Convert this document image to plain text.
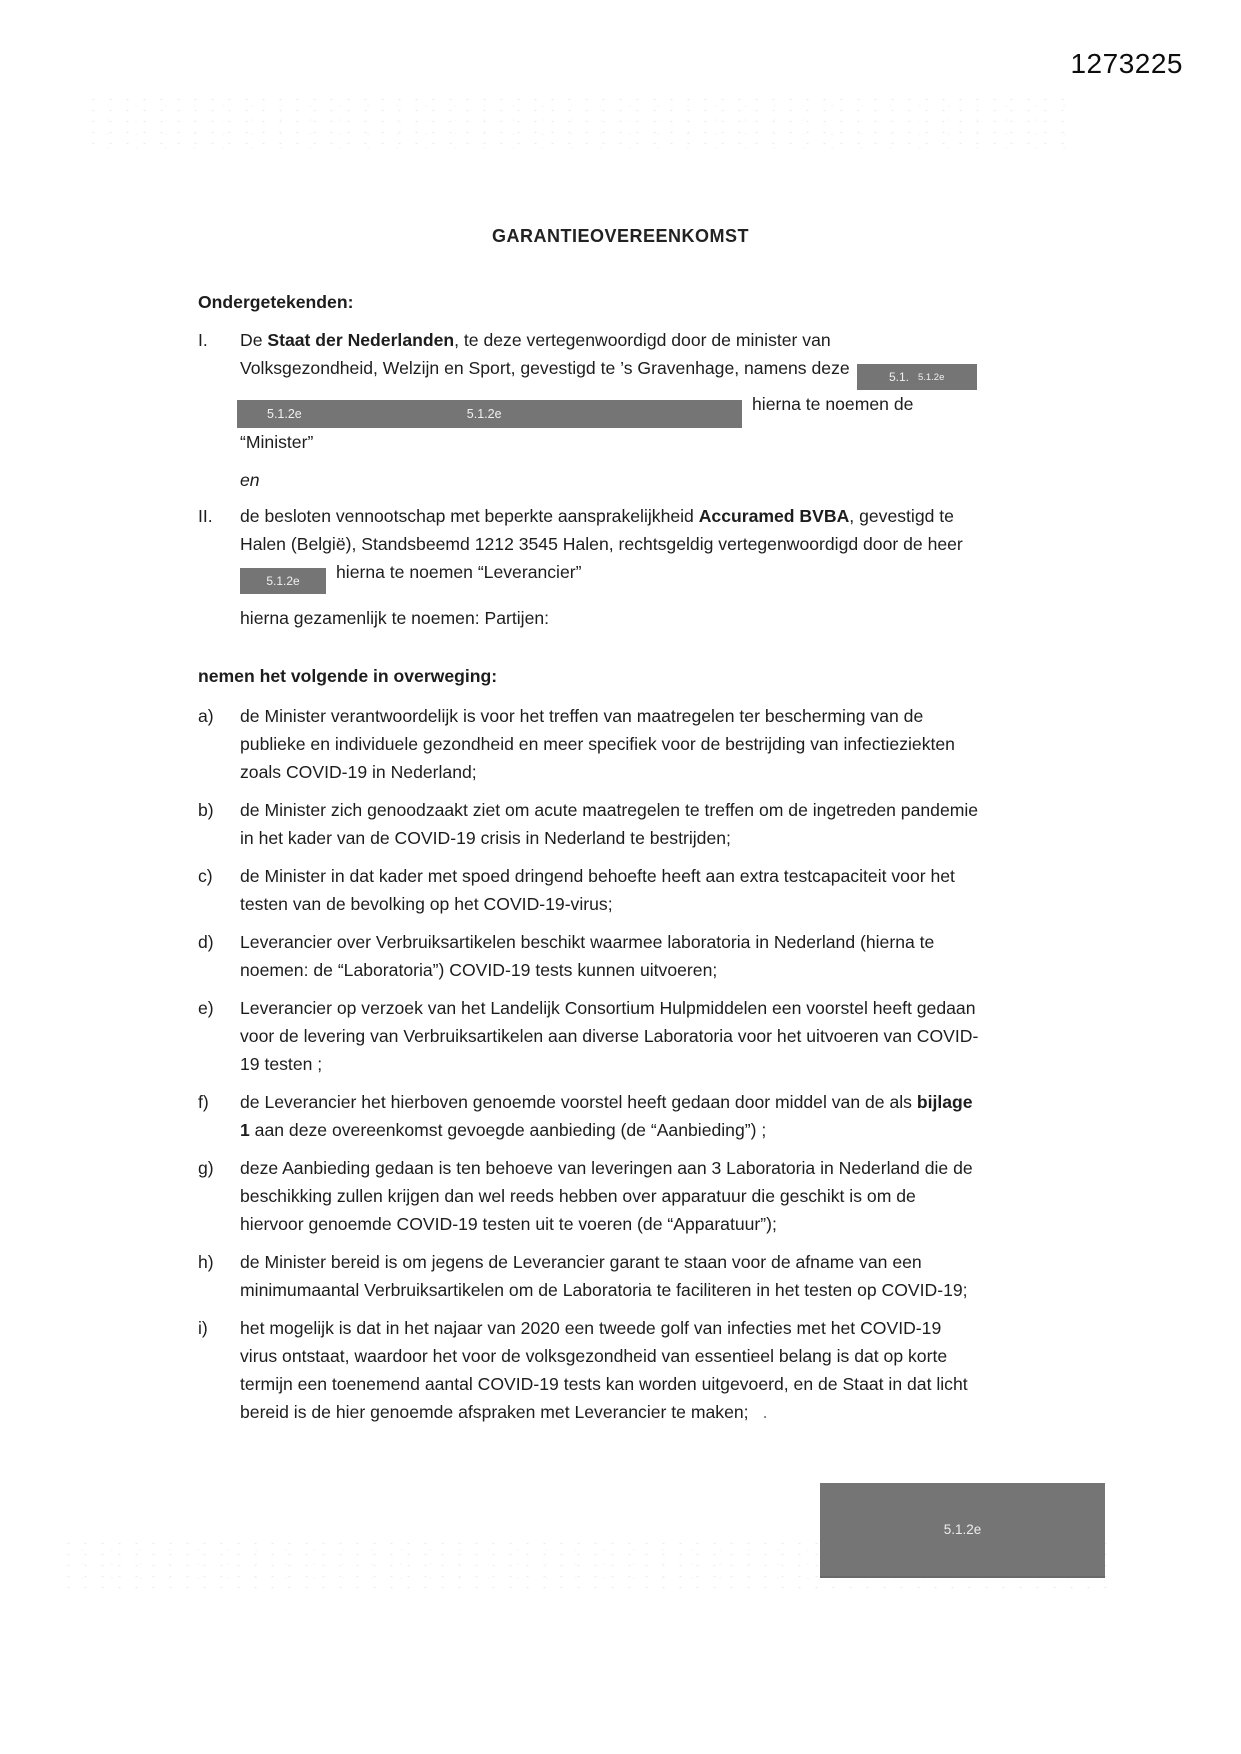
1273225
GARANTIEOVEREENKOMST

Ondergetekenden:

I.	De Staat der Nederlanden, te deze vertegenwoordigd door de minister van
Volksgezondheid, Welzijn en Sport, gevestigd te ’s Gravenhage, namens deze	5.1. 5.1.2e
5.1.2e	5.1.2e	hierna te noemen de
“Minister”

en

II.	de besloten vennootschap met beperkte aansprakelijkheid Accuramed BVBA, gevestigd te
Halen (België), Standsbeemd 1212 3545 Halen, rechtsgeldig vertegenwoordigd door de heer
5.1.2e hierna te noemen “Leverancier”

hierna gezamenlijk te noemen: Partijen:

nemen het volgende in overweging:

a)	de Minister verantwoordelijk is voor het treffen van maatregelen ter bescherming van de publieke en individuele gezondheid en meer specifiek voor de bestrijding van infectieziekten zoals COVID-19 in Nederland;
b)	de Minister zich genoodzaakt ziet om acute maatregelen te treffen om de ingetreden pandemie in het kader van de COVID-19 crisis in Nederland te bestrijden;
c)	de Minister in dat kader met spoed dringend behoefte heeft aan extra testcapaciteit voor het testen van de bevolking op het COVID-19-virus;
d)	Leverancier over Verbruiksartikelen beschikt waarmee laboratoria in Nederland (hierna te noemen: de “Laboratoria”) COVID-19 tests kunnen uitvoeren;
e)	Leverancier op verzoek van het Landelijk Consortium Hulpmiddelen een voorstel heeft gedaan voor de levering van Verbruiksartikelen aan diverse Laboratoria voor het uitvoeren van COVID-19 testen ;
f)	de Leverancier het hierboven genoemde voorstel heeft gedaan door middel van de als bijlage 1 aan deze overeenkomst gevoegde aanbieding (de “Aanbieding”) ;
g)	deze Aanbieding gedaan is ten behoeve van leveringen aan 3 Laboratoria in Nederland die de beschikking zullen krijgen dan wel reeds hebben over apparatuur die geschikt is om de hiervoor genoemde COVID-19 testen uit te voeren (de “Apparatuur”);
h)	de Minister bereid is om jegens de Leverancier garant te staan voor de afname van een minimumaantal Verbruiksartikelen om de Laboratoria te faciliteren in het testen op COVID-19;
i)	het mogelijk is dat in het najaar van 2020 een tweede golf van infecties met het COVID-19 virus ontstaat, waardoor het voor de volksgezondheid van essentieel belang is dat op korte termijn een toenemend aantal COVID-19 tests kan worden uitgevoerd, en de Staat in dat licht bereid is de hier genoemde afspraken met Leverancier te maken; .
5.1.2e
